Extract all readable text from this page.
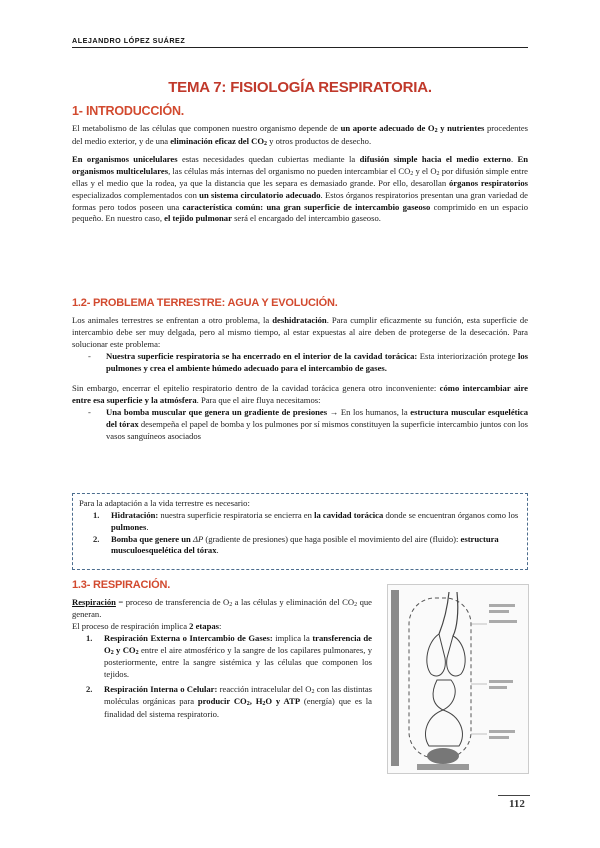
ALEJANDRO LÓPEZ SUÁREZ
TEMA 7: FISIOLOGÍA RESPIRATORIA.
1- INTRODUCCIÓN.

El metabolismo de las células que componen nuestro organismo depende de un aporte adecuado de O2 y nutrientes procedentes del medio exterior, y de una eliminación eficaz del CO2 y otros productos de desecho.

En organismos unicelulares estas necesidades quedan cubiertas mediante la difusión simple hacia el medio externo. En organismos multicelulares, las células más internas del organismo no pueden intercambiar el CO2 y el O2 por difusión simple entre ellas y el medio que la rodea, ya que la distancia que les separa es demasiado grande. Por ello, desarollan órganos respiratorios especializados complementados con un sistema circulatorio adecuado. Estos órganos respiratorios presentan una gran variedad de formas pero todos poseen una característica común: una gran superficie de intercambio gaseoso comprimido en un espacio pequeño. En nuestro caso, el tejido pulmonar será el encargado del intercambio gaseoso.

1.2- PROBLEMA TERRESTRE: AGUA Y EVOLUCIÓN.

Los animales terrestres se enfrentan a otro problema, la deshidratación. Para cumplir eficazmente su función, esta superficie de intercambio debe ser muy delgada, pero al mismo tiempo, al estar expuestas al aire deben de protegerse de la desecación. Para solucionar este problema:

- Nuestra superficie respiratoria se ha encerrado en el interior de la cavidad torácica: Esta interiorización protege los pulmones y crea el ambiente húmedo adecuado para el intercambio de gases.

Sin embargo, encerrar el epitelio respiratorio dentro de la cavidad torácica genera otro inconveniente: cómo intercambiar aire entre esa superficie y la atmósfera. Para que el aire fluya necesitamos:

- Una bomba muscular que genera un gradiente de presiones → En los humanos, la estructura muscular esquelética del tórax desempeña el papel de bomba y los pulmones por sí mismos constituyen la superficie intercambio juntos con los vasos sanguíneos asociados
Para la adaptación a la vida terrestre es necesario:
1. Hidratación: nuestra superficie respiratoria se encierra en la cavidad torácica donde se encuentran órganos como los pulmones.
2. Bomba que genere un ΔP (gradiente de presiones) que haga posible el movimiento del aire (fluido): estructura musculoesquelética del tórax.
1.3- RESPIRACIÓN.

Respiración = proceso de transferencia de O2 a las células y eliminación del CO2 que generan.

El proceso de respiración implica 2 etapas:

1. Respiración Externa o Intercambio de Gases: implica la transferencia de O2 y CO2 entre el aire atmosférico y la sangre de los capilares pulmonares, y posteriormente, entre la sangre sistémica y las células que componen los tejidos.
2. Respiración Interna o Celular: reacción intracelular del O2 con las distintas moléculas orgánicas para producir CO2, H2O y ATP (energía) que es la finalidad del sistema respiratorio.
112
